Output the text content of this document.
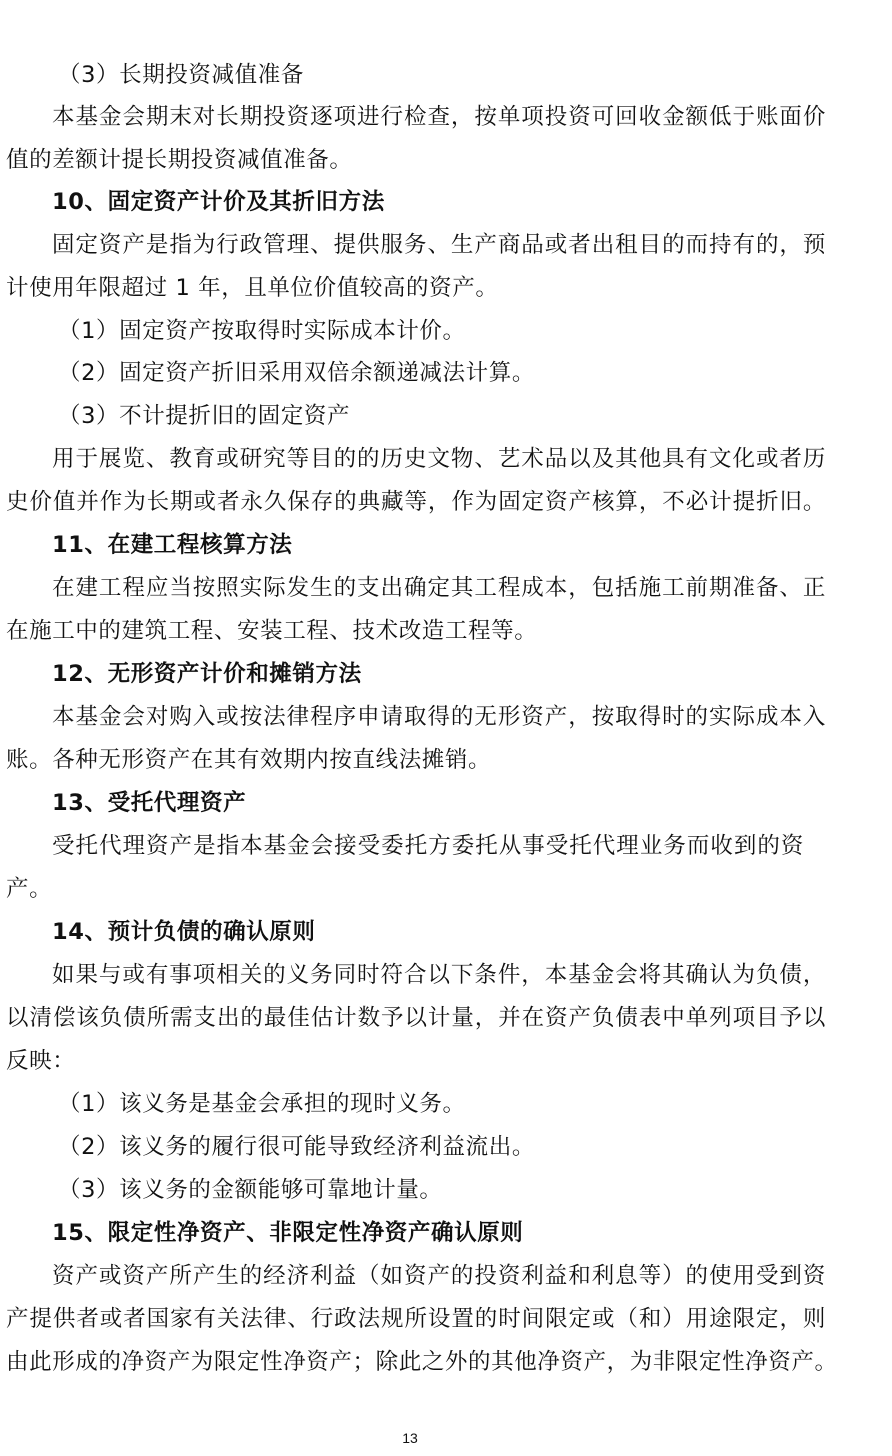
（3）长期投资减值准备
本基金会期末对长期投资逐项进行检查，按单项投资可回收金额低于账面价
值的差额计提长期投资减值准备。
10、固定资产计价及其折旧方法
固定资产是指为行政管理、提供服务、生产商品或者出租目的而持有的，预
计使用年限超过 1 年，且单位价值较高的资产。
（1）固定资产按取得时实际成本计价。
（2）固定资产折旧采用双倍余额递减法计算。
（3）不计提折旧的固定资产
用于展览、教育或研究等目的的历史文物、艺术品以及其他具有文化或者历
史价值并作为长期或者永久保存的典藏等，作为固定资产核算，不必计提折旧。
11、在建工程核算方法
在建工程应当按照实际发生的支出确定其工程成本，包括施工前期准备、正
在施工中的建筑工程、安装工程、技术改造工程等。
12、无形资产计价和摊销方法
本基金会对购入或按法律程序申请取得的无形资产，按取得时的实际成本入
账。各种无形资产在其有效期内按直线法摊销。
13、受托代理资产
受托代理资产是指本基金会接受委托方委托从事受托代理业务而收到的资
产。
14、预计负债的确认原则
如果与或有事项相关的义务同时符合以下条件，本基金会将其确认为负债，
以清偿该负债所需支出的最佳估计数予以计量，并在资产负债表中单列项目予以
反映：
（1）该义务是基金会承担的现时义务。
（2）该义务的履行很可能导致经济利益流出。
（3）该义务的金额能够可靠地计量。
15、限定性净资产、非限定性净资产确认原则
资产或资产所产生的经济利益（如资产的投资利益和利息等）的使用受到资
产提供者或者国家有关法律、行政法规所设置的时间限定或（和）用途限定，则
由此形成的净资产为限定性净资产；除此之外的其他净资产，为非限定性净资产。
13
